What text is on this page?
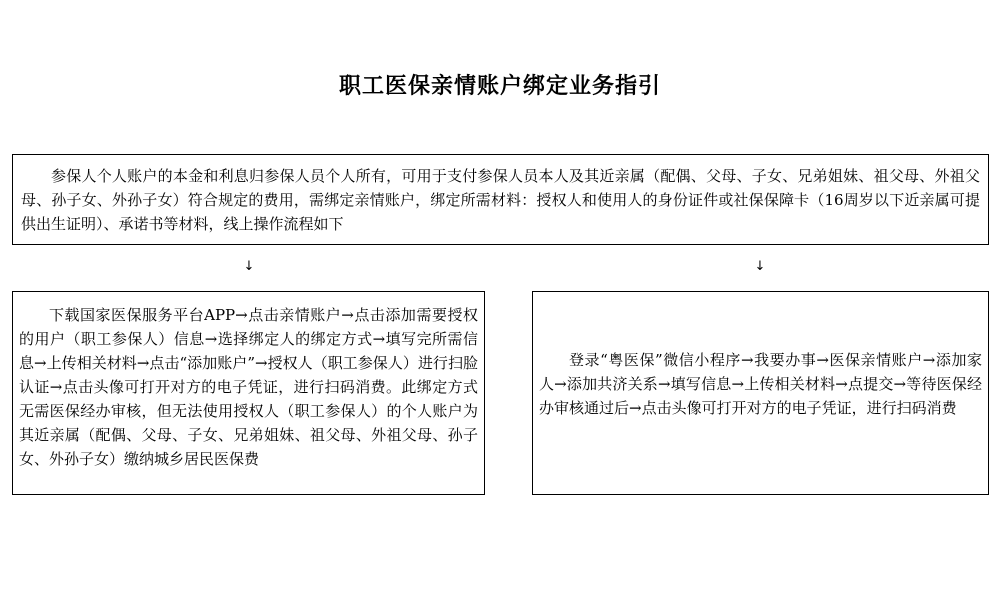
职工医保亲情账户绑定业务指引

参保人个人账户的本金和利息归参保人员个人所有，可用于支付参保人员本人及其近亲属（配偶、父母、子女、兄弟姐妹、祖父母、外祖父母、孙子女、外孙子女）符合规定的费用，需绑定亲情账户，绑定所需材料：授权人和使用人的身份证件或社保保障卡（16周岁以下近亲属可提供出生证明）、承诺书等材料，线上操作流程如下

↓	↓

下载国家医保服务平台APP→点击亲情账户→点击添加需要授权的用户（职工参保人）信息→选择绑定人的绑定方式→填写完所需信息→上传相关材料→点击“添加账户”→授权人（职工参保人）进行扫脸认证→点击头像可打开对方的电子凭证，进行扫码消费。此绑定方式无需医保经办审核，但无法使用授权人（职工参保人）的个人账户为其近亲属（配偶、父母、子女、兄弟姐妹、祖父母、外祖父母、孙子女、外孙子女）缴纳城乡居民医保费

登录“粤医保”微信小程序→我要办事→医保亲情账户→添加家人→添加共济关系→填写信息→上传相关材料→点提交→等待医保经办审核通过后→点击头像可打开对方的电子凭证，进行扫码消费
